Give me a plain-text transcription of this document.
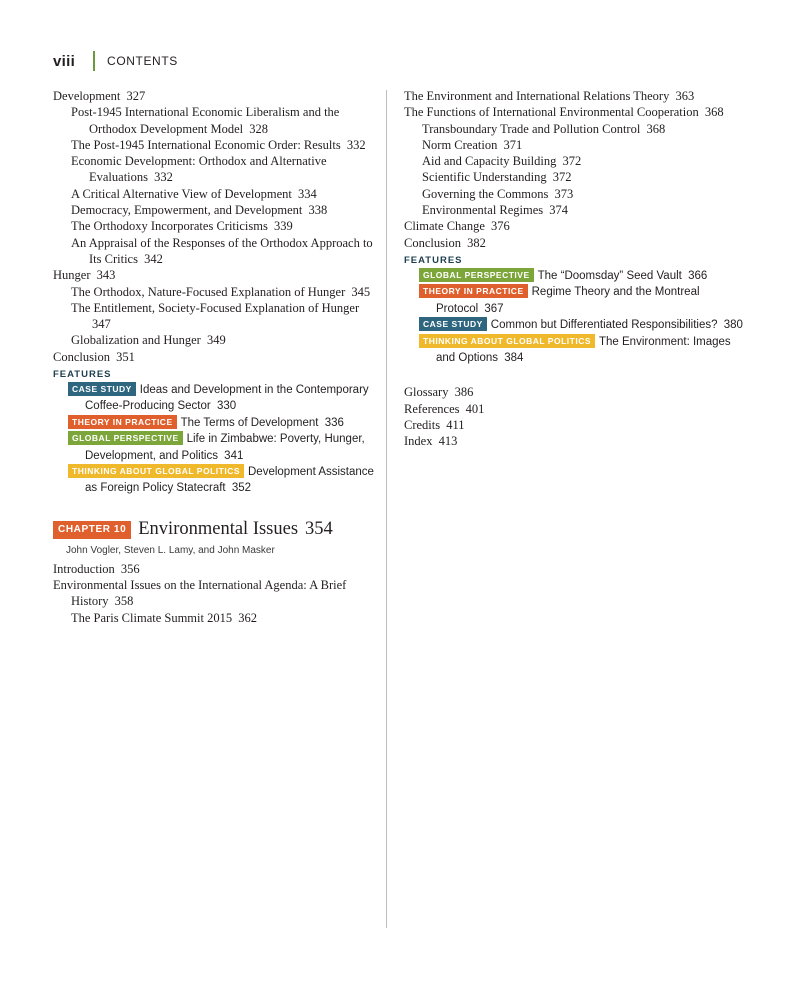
viii	CONTENTS
Development 327
Post-1945 International Economic Liberalism and the Orthodox Development Model 328
The Post-1945 International Economic Order: Results 332
Economic Development: Orthodox and Alternative Evaluations 332
A Critical Alternative View of Development 334
Democracy, Empowerment, and Development 338
The Orthodoxy Incorporates Criticisms 339
An Appraisal of the Responses of the Orthodox Approach to Its Critics 342
Hunger 343
The Orthodox, Nature-Focused Explanation of Hunger 345
The Entitlement, Society-Focused Explanation of Hunger 347
Globalization and Hunger 349
Conclusion 351
FEATURES
CASE STUDY Ideas and Development in the Contemporary Coffee-Producing Sector 330
THEORY IN PRACTICE The Terms of Development 336
GLOBAL PERSPECTIVE Life in Zimbabwe: Poverty, Hunger, Development, and Politics 341
THINKING ABOUT GLOBAL POLITICS Development Assistance as Foreign Policy Statecraft 352
CHAPTER 10 Environmental Issues 354
John Vogler, Steven L. Lamy, and John Masker
Introduction 356
Environmental Issues on the International Agenda: A Brief History 358
The Paris Climate Summit 2015 362
The Environment and International Relations Theory 363
The Functions of International Environmental Cooperation 368
Transboundary Trade and Pollution Control 368
Norm Creation 371
Aid and Capacity Building 372
Scientific Understanding 372
Governing the Commons 373
Environmental Regimes 374
Climate Change 376
Conclusion 382
FEATURES
GLOBAL PERSPECTIVE The “Doomsday” Seed Vault 366
THEORY IN PRACTICE Regime Theory and the Montreal Protocol 367
CASE STUDY Common but Differentiated Responsibilities? 380
THINKING ABOUT GLOBAL POLITICS The Environment: Images and Options 384
Glossary 386
References 401
Credits 411
Index 413
